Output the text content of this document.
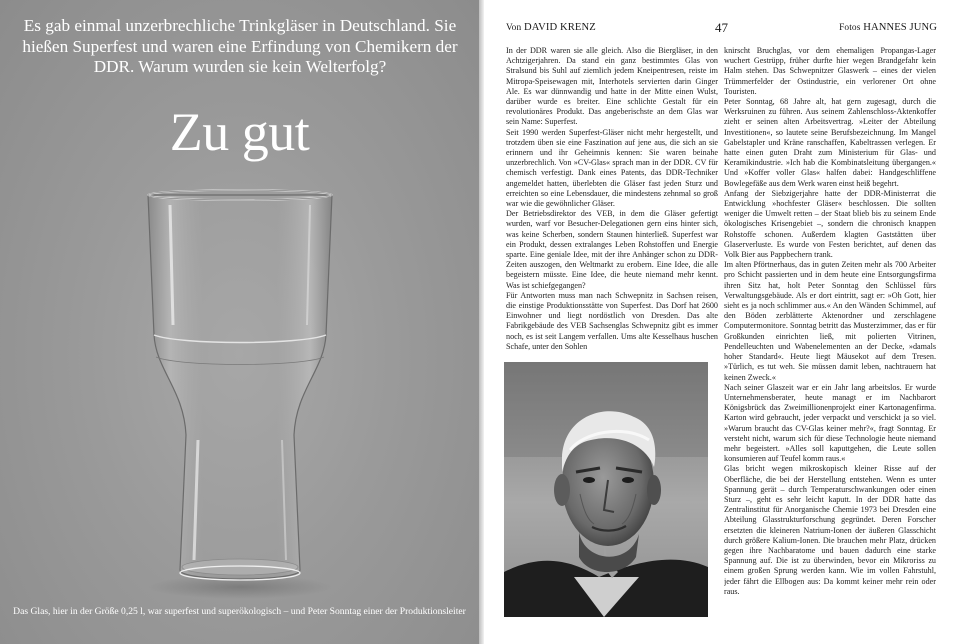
Es gab einmal unzerbrechliche Trinkgläser in Deutschland. Sie hießen Superfest und waren eine Erfindung von Chemikern der DDR. Warum wurden sie kein Welterfolg?
Zu gut
Das Glas, hier in der Größe 0,25 l, war superfest und superökologisch – und Peter Sonntag einer der Produktionsleiter
Von DAVID KRENZ	47	Fotos HANNES JUNG

In der DDR waren sie alle gleich. Also die Biergläser, in den Achtzigerjahren. Da stand ein ganz bestimmtes Glas von Stralsund bis Suhl auf ziemlich jedem Kneipentresen, reiste im Mitropa-Speisewagen mit, Interhotels servierten darin Ginger Ale. Es war dünnwandig und hatte in der Mitte einen Wulst, darüber wurde es breiter. Eine schlichte Gestalt für ein revolutionäres Produkt. Das angeberischste an dem Glas war sein Name: Superfest.

Seit 1990 werden Superfest-Gläser nicht mehr hergestellt, und trotzdem üben sie eine Faszination auf jene aus, die sich an sie erinnern und ihr Geheimnis kennen: Sie waren beinahe unzerbrechlich. Von »CV-Glas« sprach man in der DDR. CV für chemisch verfestigt. Dank eines Patents, das DDR-Techniker angemeldet hatten, überlebten die Gläser fast jeden Sturz und erreichten so eine Lebensdauer, die mindestens zehnmal so groß war wie die gewöhnlicher Gläser.

Der Betriebsdirektor des VEB, in dem die Gläser gefertigt wurden, warf vor Besucher-Delegationen gern eins hinter sich, was keine Scherben, sondern Staunen hinterließ. Superfest war ein Produkt, dessen extralanges Leben Rohstoffen und Energie sparte. Eine geniale Idee, mit der ihre Anhänger schon zu DDR-Zeiten auszogen, den Weltmarkt zu erobern. Eine Idee, die alle begeistern müsste. Eine Idee, die heute niemand mehr kennt. Was ist schiefgegangen?

Für Antworten muss man nach Schwepnitz in Sachsen reisen, die einstige Produktionsstätte von Superfest. Das Dorf hat 2600 Einwohner und liegt nordöstlich von Dresden. Das alte Fabrikgebäude des VEB Sachsenglas Schwepnitz gibt es immer noch, es ist seit Langem verfallen. Ums alte Kesselhaus huschen Schafe, unter den Sohlen

knirscht Bruchglas, vor dem ehemaligen Propangas-Lager wuchert Gestrüpp, früher durfte hier wegen Brandgefahr kein Halm stehen. Das Schwepnitzer Glaswerk – eines der vielen Trümmerfelder der Ostindustrie, ein verlorener Ort ohne Touristen.

Peter Sonntag, 68 Jahre alt, hat gern zugesagt, durch die Werksruinen zu führen. Aus seinem Zahlenschloss-Aktenkoffer zieht er seinen alten Arbeitsvertrag. »Leiter der Abteilung Investitionen«, so lautete seine Berufsbezeichnung. Im Mangel Gabelstapler und Kräne ranschaffen, Kabeltrassen verlegen. Er hatte einen guten Draht zum Ministerium für Glas- und Keramikindustrie. »Ich hab die Kombinatsleitung übergangen.« Und »Koffer voller Glas« halfen dabei: Handgeschliffene Bowlegefäße aus dem Werk waren einst heiß begehrt.

Anfang der Siebzigerjahre hatte der DDR-Ministerrat die Entwicklung »hochfester Gläser« beschlossen. Die sollten weniger die Umwelt retten – der Staat blieb bis zu seinem Ende ökologisches Krisengebiet –, sondern die chronisch knappen Rohstoffe schonen. Außerdem klagten Gaststätten über Glaserverluste. Es wurde von Festen berichtet, auf denen das Volk Bier aus Pappbechern trank.

Im alten Pförtnerhaus, das in guten Zeiten mehr als 700 Arbeiter pro Schicht passierten und in dem heute eine Entsorgungsfirma ihren Sitz hat, holt Peter Sonntag den Schlüssel fürs Verwaltungsgebäude. Als er dort eintritt, sagt er: »Oh Gott, hier sieht es ja noch schlimmer aus.« An den Wänden Schimmel, auf den Böden zerblätterte Aktenordner und zerschlagene Computermonitore. Sonntag betritt das Musterzimmer, das er für Großkunden einrichten ließ, mit polierten Vitrinen, Pendelleuchten und Wabenelementen an der Decke, »damals hoher Standard«. Heute liegt Mäusekot auf dem Tresen. »Türlich, es tut weh. Sie müssen damit leben, nachtrauern hat keinen Zweck.«

Nach seiner Glaszeit war er ein Jahr lang arbeitslos. Er wurde Unternehmensberater, heute managt er im Nachbarort Königsbrück das Zweimillionenprojekt einer Kartonagenfirma. Karton wird gebraucht, jeder verpackt und verschickt ja so viel. »Warum braucht das CV-Glas keiner mehr?«, fragt Sonntag. Er versteht nicht, warum sich für diese Technologie heute niemand mehr begeistert. »Alles soll kaputtgehen, die Leute sollen konsumieren auf Teufel komm raus.«

Glas bricht wegen mikroskopisch kleiner Risse auf der Oberfläche, die bei der Herstellung entstehen. Wenn es unter Spannung gerät – durch Temperaturschwankungen oder einen Sturz –, geht es sehr leicht kaputt. In der DDR hatte das Zentralinstitut für Anorganische Chemie 1973 bei Dresden eine Abteilung Glasstrukturforschung gegründet. Deren Forscher ersetzten die kleineren Natrium-Ionen der äußeren Glasschicht durch größere Kalium-Ionen. Die brauchen mehr Platz, drücken gegen ihre Nachbaratome und bauen dadurch eine starke Spannung auf. Die ist zu überwinden, bevor ein Mikroriss zu einem großen Sprung werden kann. Wie im vollen Fahrstuhl, jeder fährt die Ellbogen aus: Da kommt keiner mehr rein oder raus.
